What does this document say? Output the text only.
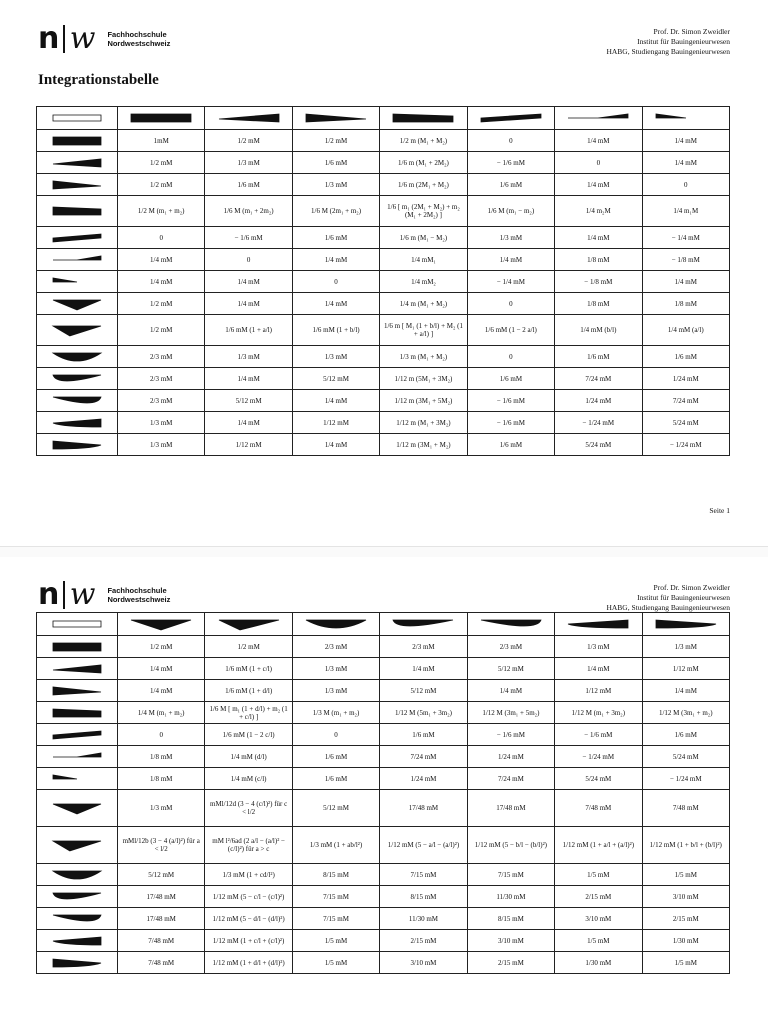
n w Fachhochschule
Nordwestschweiz
Prof. Dr. Simon Zweidler
Institut für Bauingenieurwesen
HABG, Studiengang Bauingenieurwesen
Integrationstabelle

	1mM	1/2 mM	1/2 mM	1/2 m (M₁ + M₂)	0	1/4 mM	1/4 mM

	1/2 mM	1/3 mM	1/6 mM	1/6 m (M₁ + 2M₂)	− 1/6 mM	0	1/4 mM

	1/2 mM	1/6 mM	1/3 mM	1/6 m (2M₁ + M₂)	1/6 mM	1/4 mM	0

	1/2 M (m₁ + m₂)	1/6 M (m₁ + 2m₂)	1/6 M (2m₁ + m₂)	1/6 [ m₁ (2M₁ + M₂) + m₂ (M₁ + 2M₂) ]	1/6 M (m₁ − m₂)	1/4 m₂M	1/4 m₁M

	0	− 1/6 mM	1/6 mM	1/6 m (M₁ − M₂)	1/3 mM	1/4 mM	− 1/4 mM

	1/4 mM	0	1/4 mM	1/4 mM₁	1/4 mM	1/8 mM	− 1/8 mM

	1/4 mM	1/4 mM	0	1/4 mM₂	− 1/4 mM	− 1/8 mM	1/4 mM

	1/2 mM	1/4 mM	1/4 mM	1/4 m (M₁ + M₂)	0	1/8 mM	1/8 mM

	1/2 mM	1/6 mM (1 + a/l)	1/6 mM (1 + b/l)	1/6 m [ M₁ (1 + b/l) + M₂ (1 + a/l) ]	1/6 mM (1 − 2 a/l)	1/4 mM (b/l)	1/4 mM (a/l)

	2/3 mM	1/3 mM	1/3 mM	1/3 m (M₁ + M₂)	0	1/6 mM	1/6 mM

	2/3 mM	1/4 mM	5/12 mM	1/12 m (5M₁ + 3M₂)	1/6 mM	7/24 mM	1/24 mM

	2/3 mM	5/12 mM	1/4 mM	1/12 m (3M₁ + 5M₂)	− 1/6 mM	1/24 mM	7/24 mM

	1/3 mM	1/4 mM	1/12 mM	1/12 m (M₁ + 3M₂)	− 1/6 mM	− 1/24 mM	5/24 mM

	1/3 mM	1/12 mM	1/4 mM	1/12 m (3M₁ + M₂)	1/6 mM	5/24 mM	− 1/24 mM
Seite 1
n w Fachhochschule
Nordwestschweiz
Prof. Dr. Simon Zweidler
Institut für Bauingenieurwesen
HABG, Studiengang Bauingenieurwesen

	1/2 mM	1/2 mM	2/3 mM	2/3 mM	2/3 mM	1/3 mM	1/3 mM

	1/4 mM	1/6 mM (1 + c/l)	1/3 mM	1/4 mM	5/12 mM	1/4 mM	1/12 mM

	1/4 mM	1/6 mM (1 + d/l)	1/3 mM	5/12 mM	1/4 mM	1/12 mM	1/4 mM

	1/4 M (m₁ + m₂)	1/6 M [ m₁ (1 + d/l) + m₂ (1 + c/l) ]	1/3 M (m₁ + m₂)	1/12 M (5m₁ + 3m₂)	1/12 M (3m₁ + 5m₂)	1/12 M (m₁ + 3m₂)	1/12 M (3m₁ + m₂)

	0	1/6 mM (1 − 2 c/l)	0	1/6 mM	− 1/6 mM	− 1/6 mM	1/6 mM

	1/8 mM	1/4 mM (d/l)	1/6 mM	7/24 mM	1/24 mM	− 1/24 mM	5/24 mM

	1/8 mM	1/4 mM (c/l)	1/6 mM	1/24 mM	7/24 mM	5/24 mM	− 1/24 mM

	1/3 mM	mMl/12d (3 − 4 (c/l)²) für c < l/2	5/12 mM	17/48 mM	17/48 mM	7/48 mM	7/48 mM

	mMl/12b (3 − 4 (a/l)²) für a < l/2	mM l²/6ad (2 a/l − (a/l)² − (c/l)²) für a > c	1/3 mM (1 + ab/l²)	1/12 mM (5 − a/l − (a/l)²)	1/12 mM (5 − b/l − (b/l)²)	1/12 mM (1 + a/l + (a/l)²)	1/12 mM (1 + b/l + (b/l)²)

	5/12 mM	1/3 mM (1 + cd/l²)	8/15 mM	7/15 mM	7/15 mM	1/5 mM	1/5 mM

	17/48 mM	1/12 mM (5 − c/l − (c/l)²)	7/15 mM	8/15 mM	11/30 mM	2/15 mM	3/10 mM

	17/48 mM	1/12 mM (5 − d/l − (d/l)²)	7/15 mM	11/30 mM	8/15 mM	3/10 mM	2/15 mM

	7/48 mM	1/12 mM (1 + c/l + (c/l)²)	1/5 mM	2/15 mM	3/10 mM	1/5 mM	1/30 mM

	7/48 mM	1/12 mM (1 + d/l + (d/l)²)	1/5 mM	3/10 mM	2/15 mM	1/30 mM	1/5 mM
